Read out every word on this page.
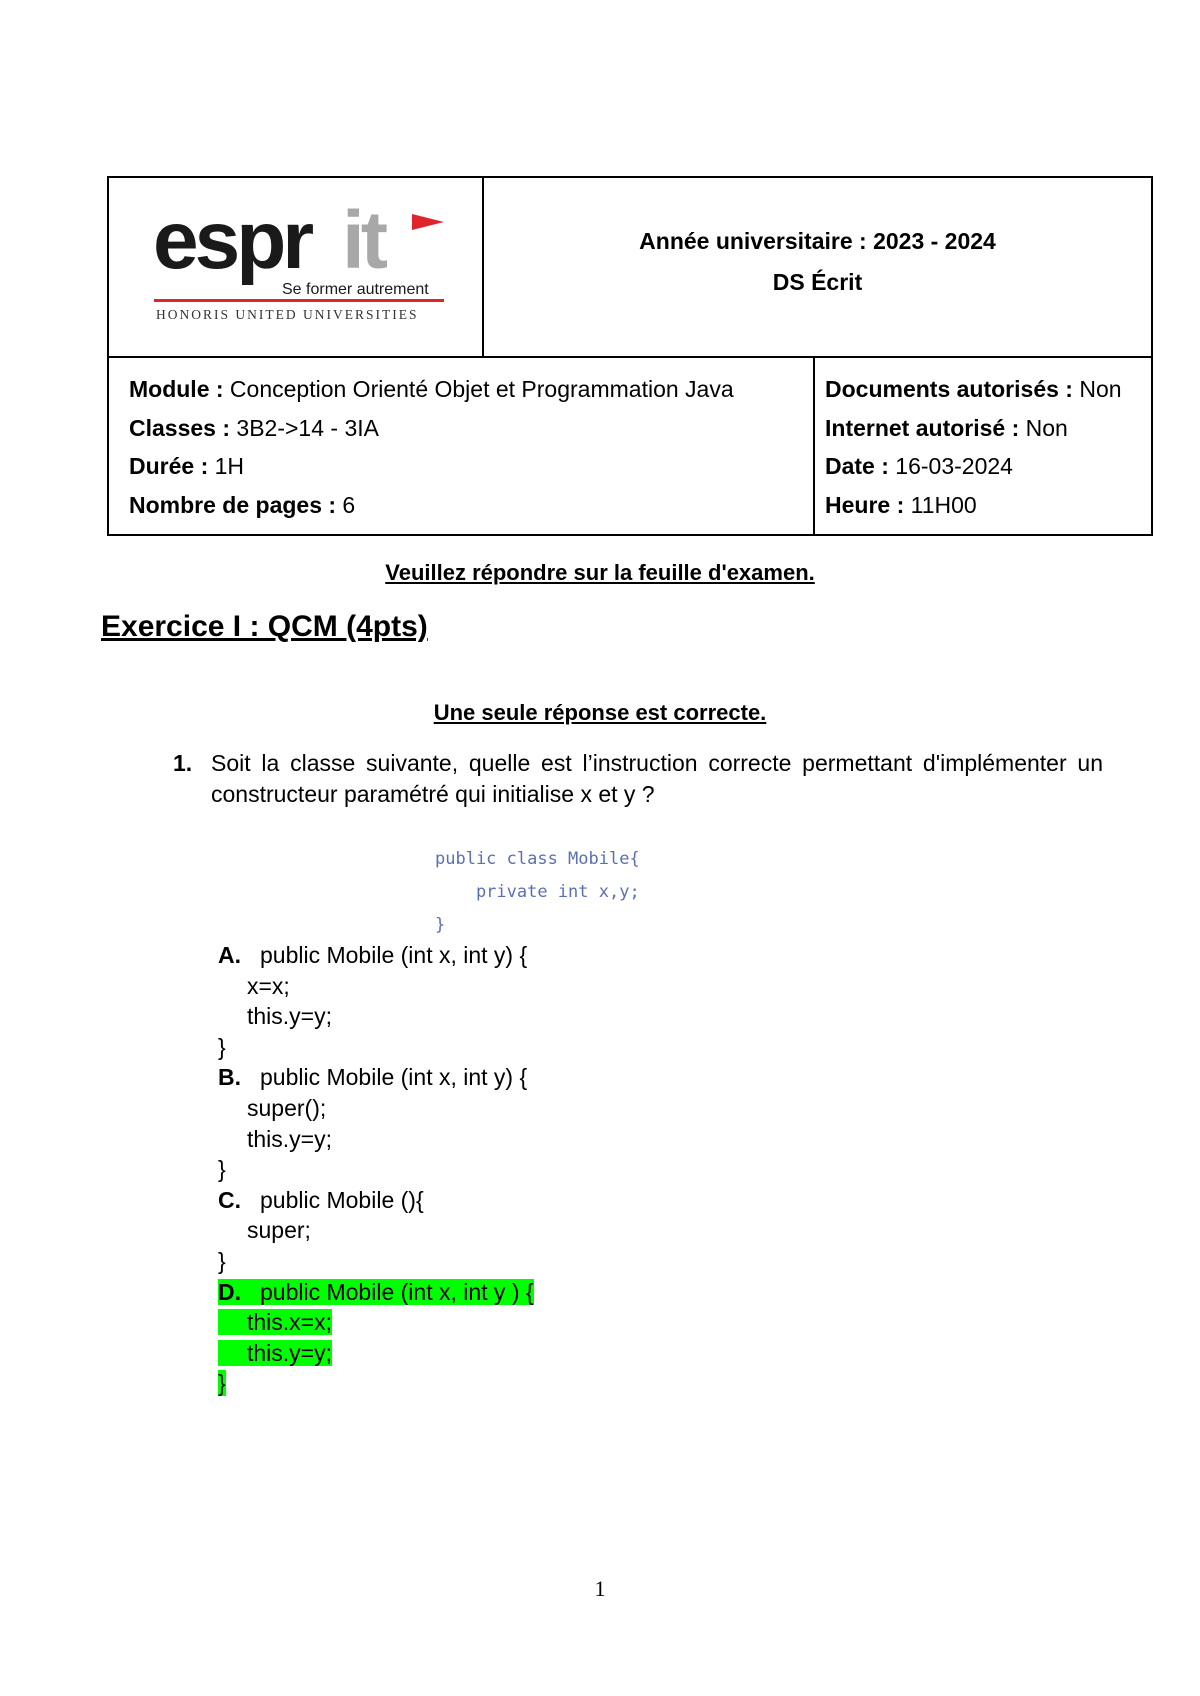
espr it
Se former autrement
HONORIS UNITED UNIVERSITIES
Année universitaire : 2023 - 2024
DS Écrit
Module : Conception Orienté Objet et Programmation Java
Classes : 3B2->14 - 3IA
Durée : 1H
Nombre de pages : 6
Documents autorisés : Non
Internet autorisé : Non
Date : 16-03-2024
Heure : 11H00
Veuillez répondre sur la feuille d'examen.
Exercice I : QCM (4pts)
Une seule réponse est correcte.
1. Soit la classe suivante, quelle est l’instruction correcte permettant d'implémenter un constructeur paramétré qui initialise x et y ?
public class Mobile{
private int x,y;
}
A. public Mobile (int x, int y) {
x=x;
this.y=y;
}
B. public Mobile (int x, int y) {
super();
this.y=y;
}
C. public Mobile (){
super;
}
D. public Mobile (int x, int y ) {
this.x=x;
this.y=y;
}
1
